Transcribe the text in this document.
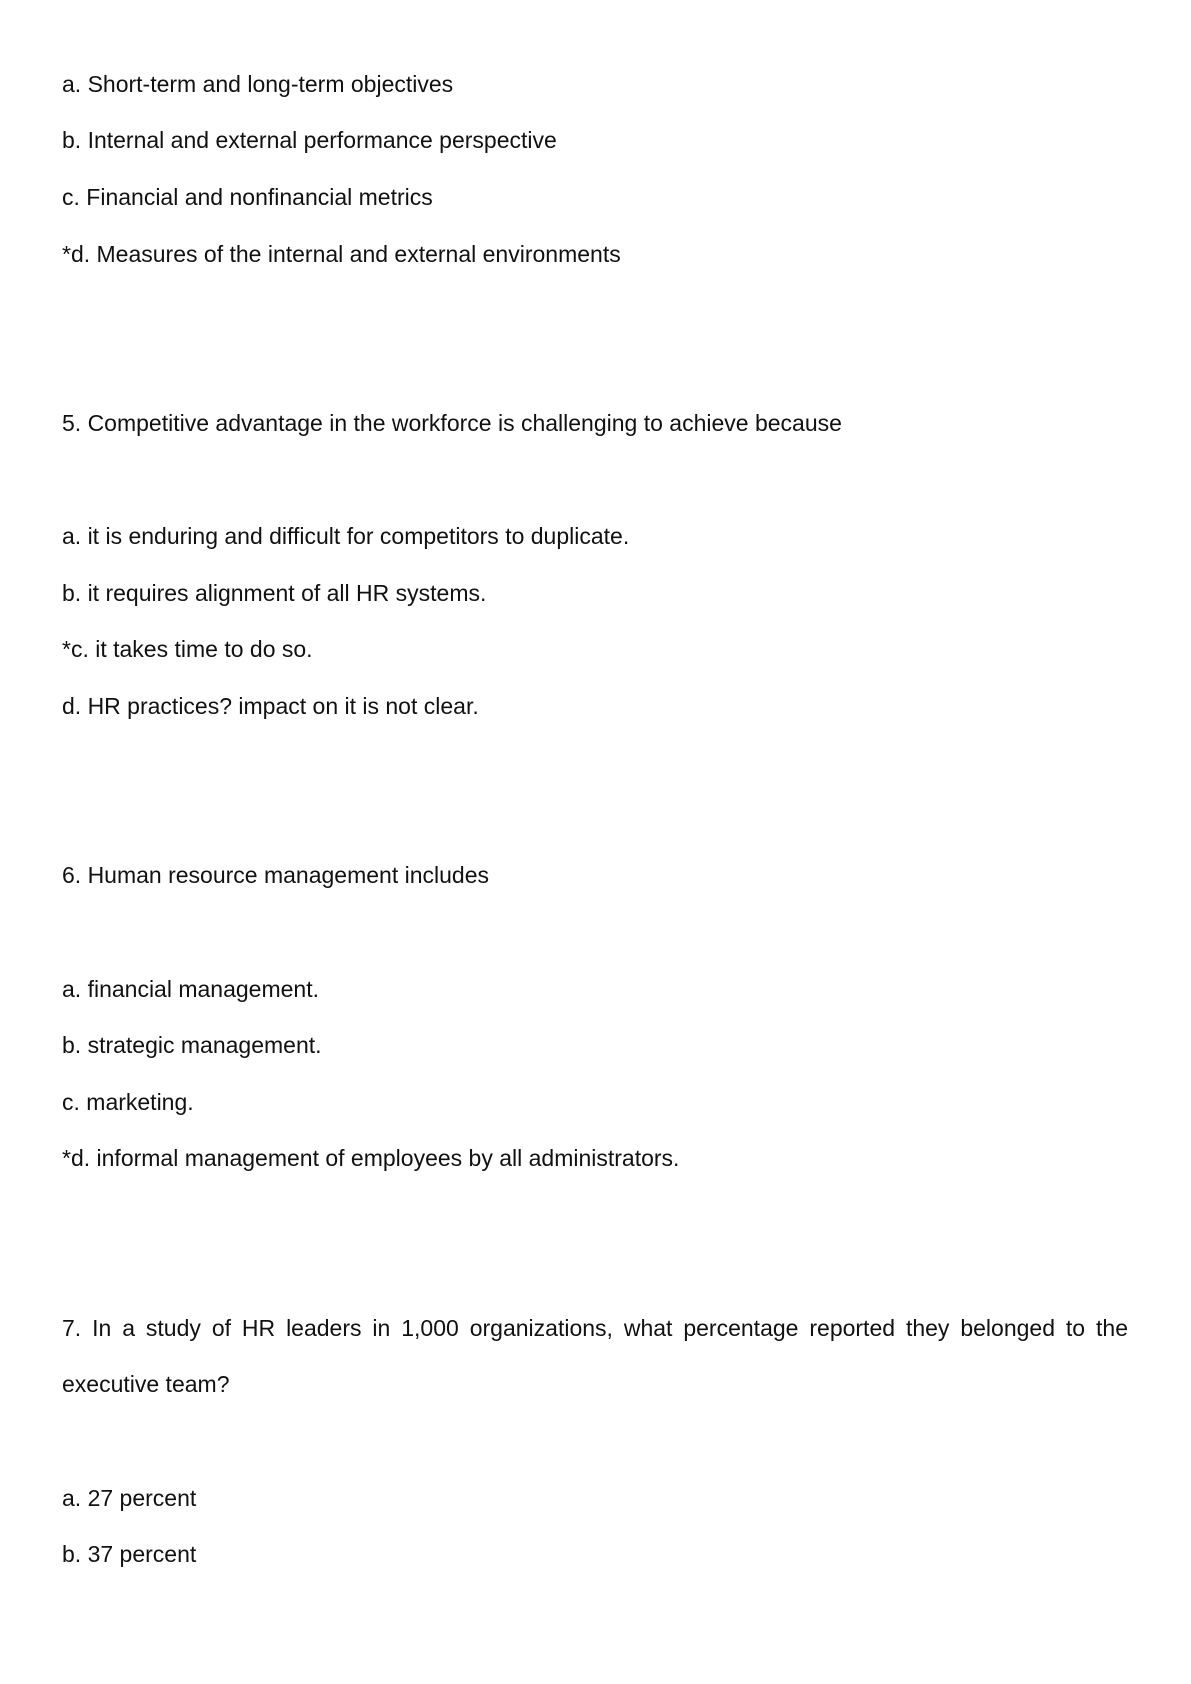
a. Short-term and long-term objectives
b. Internal and external performance perspective
c. Financial and nonfinancial metrics
*d. Measures of the internal and external environments
5. Competitive advantage in the workforce is challenging to achieve because
a. it is enduring and difficult for competitors to duplicate.
b. it requires alignment of all HR systems.
*c. it takes time to do so.
d. HR practices? impact on it is not clear.
6. Human resource management includes
a. financial management.
b. strategic management.
c. marketing.
*d. informal management of employees by all administrators.
7. In a study of HR leaders in 1,000 organizations, what percentage reported they belonged to the
executive team?
a. 27 percent
b. 37 percent
